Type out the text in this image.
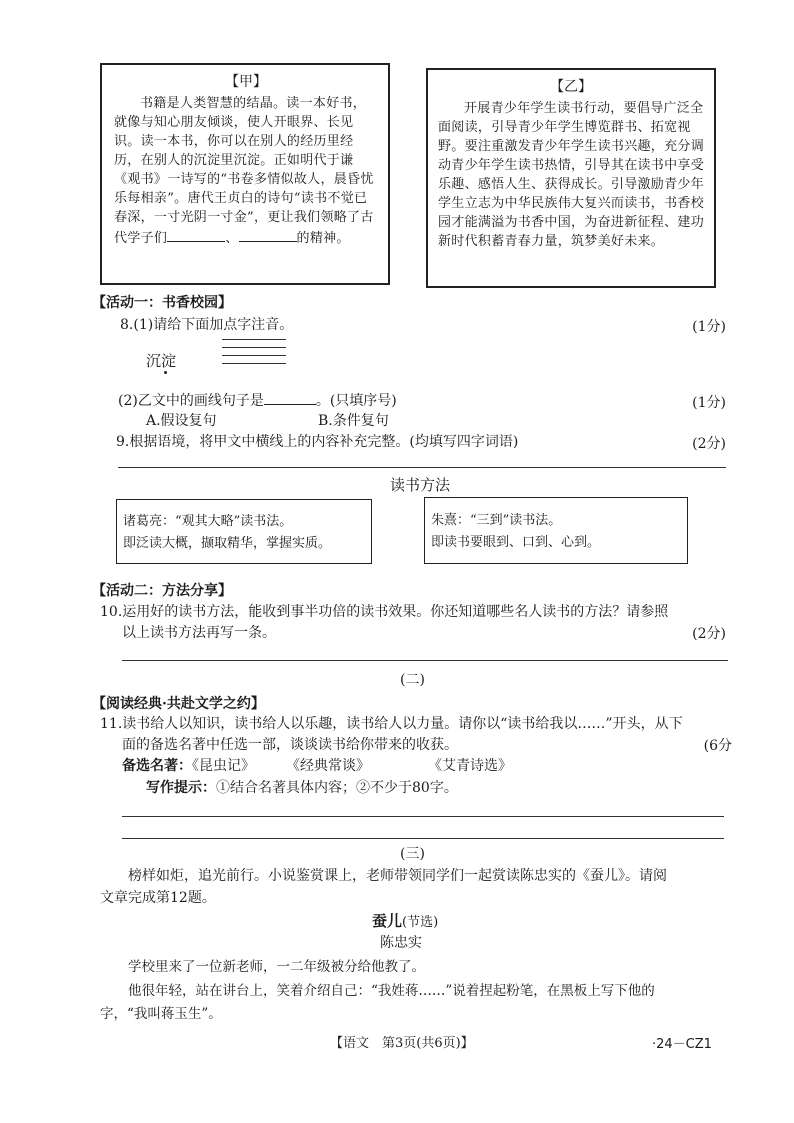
【甲】

书籍是人类智慧的结晶。读一本好书，就像与知心朋友倾谈，使人开眼界、长见识。读一本书，你可以在别人的经历里经历，在别人的沉淀里沉淀。正如明代于谦《观书》一诗写的“书卷多情似故人，晨昏忧乐每相亲”。唐代王贞白的诗句“读书不觉已春深，一寸光阴一寸金”，更让我们领略了古代学子们	、	的精神。

【乙】

开展青少年学生读书行动，要倡导广泛全面阅读，引导青少年学生博览群书、拓宽视野。要注重激发青少年学生读书兴趣，充分调动青少年学生读书热情，引导其在读书中享受乐趣、感悟人生、获得成长。引导激励青少年学生立志为中华民族伟大复兴而读书，书香校园才能满溢为书香中国，为奋进新征程、建功新时代积蓄青春力量，筑梦美好未来。

【活动一：书香校园】
8.(1)请给下面加点字注音。	(1分)
沉淀
(2)乙文中的画线句子是	。(只填序号)	(1分)
A.假设复句	B.条件复句
9.根据语境，将甲文中横线上的内容补充完整。(均填写四字词语)	(2分)
读书方法
诸葛亮：“观其大略”读书法。
即泛读大概，撷取精华，掌握实质。
朱熹：“三到”读书法。
即读书要眼到、口到、心到。
【活动二：方法分享】
10.运用好的读书方法，能收到事半功倍的读书效果。你还知道哪些名人读书的方法？请参照
以上读书方法再写一条。	(2分)
(二)
【阅读经典·共赴文学之约】
11.读书给人以知识，读书给人以乐趣，读书给人以力量。请你以“读书给我以……”开头，从下
面的备选名著中任选一部，谈谈读书给你带来的收获。	(6分
备选名著：《昆虫记》 《经典常谈》	《艾青诗选》
写作提示：①结合名著具体内容；②不少于80字。
(三)
榜样如炬，追光前行。小说鉴赏课上，老师带领同学们一起赏读陈忠实的《蚕儿》。请阅
文章完成第12题。
蚕儿(节选)
陈忠实
学校里来了一位新老师，一二年级被分给他教了。
他很年轻，站在讲台上，笑着介绍自己：“我姓蒋……”说着捏起粉笔，在黑板上写下他的
字，“我叫蒋玉生”。
【语文　第3页(共6页)】	·24－CZ1
